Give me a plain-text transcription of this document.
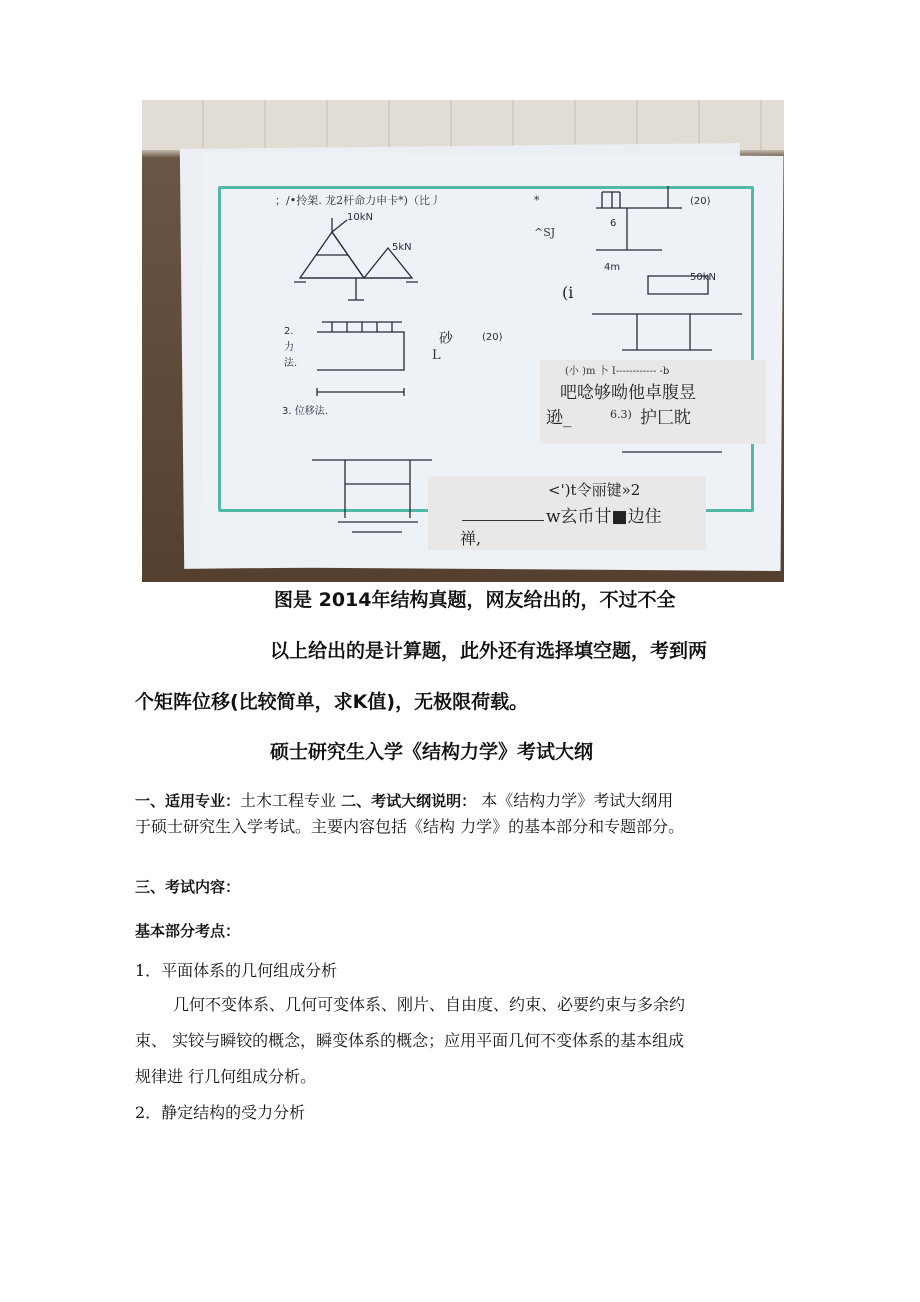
10kN
5kN
2.
力
法.
3. 位移法.
(20)
(20)
50kN
6
4m
；/•拎架. 龙2杆命力申卡*)（比丿	*
^SJ
(i
砂
L
(小 )m 卜 I------------ -b
吧唸够呦他卓腹昱
逊_	6.3) 护匚眈
<')t令丽键»2
w玄币甘■边住
禅,
图是 2014年结构真题，网友给出的，不过不全
以上给出的是计算题，此外还有选择填空题，考到两
个矩阵位移(比较简单，求K值)，无极限荷载。
硕士研究生入学《结构力学》考试大纲
一、适用专业：土木工程专业 二、考试大纲说明： 本《结构力学》考试大纲用
于硕士研究生入学考试。主要内容包括《结构 力学》的基本部分和专题部分。
三、考试内容：
基本部分考点：
1．平面体系的几何组成分析
几何不变体系、几何可变体系、刚片、自由度、约束、必要约束与多余约
束、 实铰与瞬铰的概念，瞬变体系的概念；应用平面几何不变体系的基本组成
规律进 行几何组成分析。
2．静定结构的受力分析
